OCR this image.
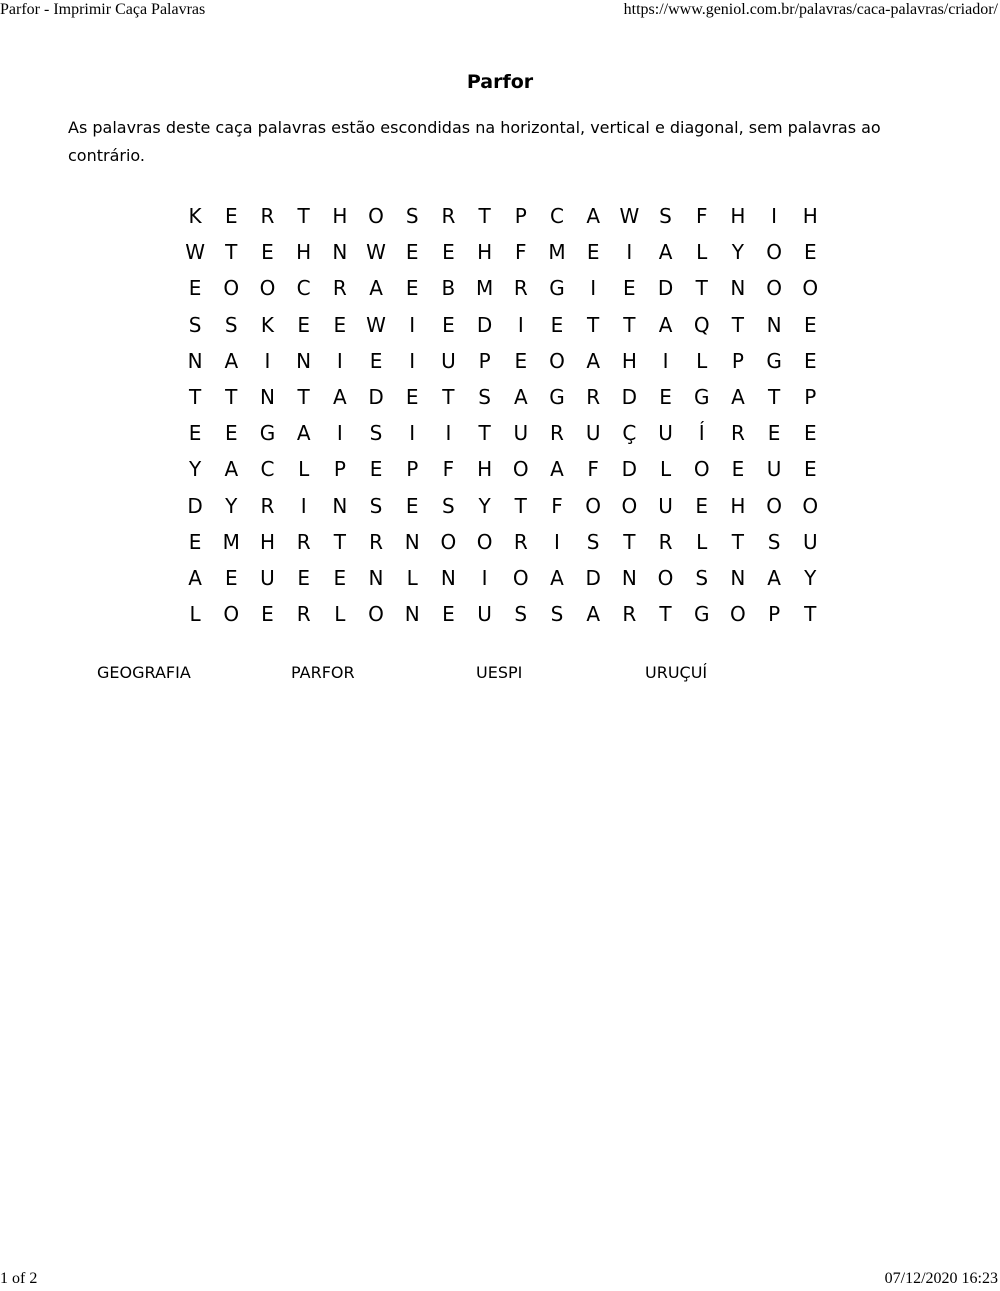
Parfor - Imprimir Caça Palavras	https://www.geniol.com.br/palavras/caca-palavras/criador/
Parfor

As palavras deste caça palavras estão escondidas na horizontal, vertical e diagonal, sem palavras ao contrário.

K	E	R	T	H	O	S	R	T	P	C	A W S	F	H	I	H
W	T	E	H	N W E	E	H	F	M	E	I	A	L	Y	O	E
E	O	O	C	R	A	E	B	M	R	G	I	E	D	T	N	O	O
S	S	K	E	E W	I	E	D	I	E	T	T	A	Q	T	N	E
N	A	I	N	I	E	I	U	P	E	O	A	H	I	L	P	G	E
T	T	N	T	A	D	E	T	S	A	G	R	D	E	G	A	T	P
E	E	G	A	I	S	I	I	T	U	R	U	Ç	U	Í	R	E	E
Y	A	C	L	P	E	P	F	H	O	A	F	D	L	O	E	U	E
D	Y	R	I	N	S	E	S	Y	T	F	O	O	U	E	H	O	O
E	M	H	R	T	R	N	O	O	R	I	S	T	R	L	T	S	U
A	E	U	E	E	N	L	N	I	O	A	D	N	O	S	N	A	Y
L	O	E	R	L	O	N	E	U	S	S	A	R	T	G	O	P	T
GEOGRAFIA	PARFOR	UESPI	URUÇUÍ
1 of 2	07/12/2020 16:23
